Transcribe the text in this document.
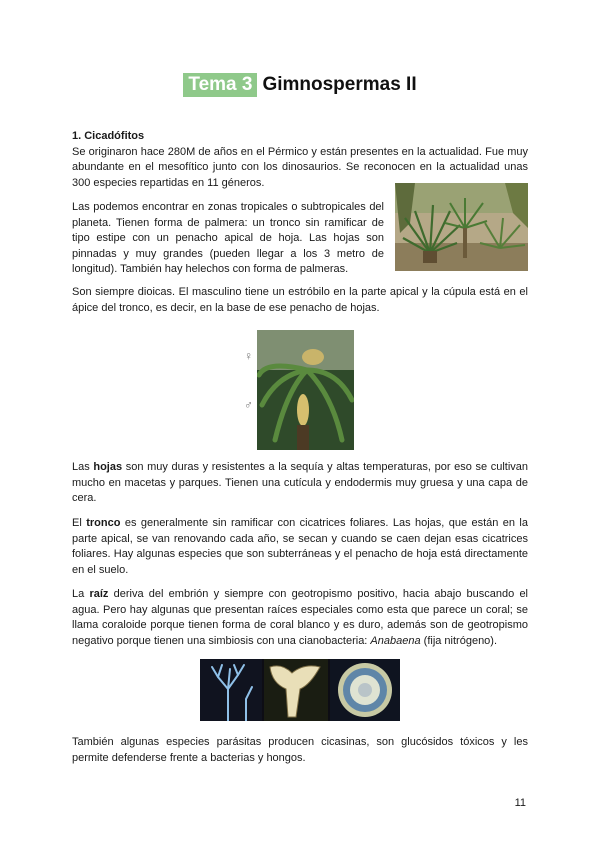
Tema 3 Gimnospermas II
1. Cicadófitos
Se originaron hace 280M de años en el Pérmico y están presentes en la actualidad. Fue muy abundante en el mesofítico junto con los dinosaurios. Se reconocen en la actualidad unas 300 especies repartidas en 11 géneros.
Las podemos encontrar en zonas tropicales o subtropicales del planeta. Tienen forma de palmera: un tronco sin ramificar de tipo estipe con un penacho apical de hoja. Las hojas son pinnadas y muy grandes (pueden llegar a los 3 metro de longitud). También hay helechos con forma de palmeras.
Son siempre dioicas. El masculino tiene un estróbilo en la parte apical y la cúpula está en el ápice del tronco, es decir, en la base de ese penacho de hojas.
♀
♂
Las hojas son muy duras y resistentes a la sequía y altas temperaturas, por eso se cultivan mucho en macetas y parques. Tienen una cutícula y endodermis muy gruesa y una capa de cera.
El tronco es generalmente sin ramificar con cicatrices foliares. Las hojas, que están en la parte apical, se van renovando cada año, se secan y cuando se caen dejan esas cicatrices foliares. Hay algunas especies que son subterráneas y el penacho de hoja está directamente en el suelo.
La raíz deriva del embrión y siempre con geotropismo positivo, hacia abajo buscando el agua. Pero hay algunas que presentan raíces especiales como esta que parece un coral; se llama coraloide porque tienen forma de coral blanco y es duro, además son de geotropismo negativo porque tienen una simbiosis con una cianobacteria: Anabaena (fija nitrógeno).
También algunas especies parásitas producen cicasinas, son glucósidos tóxicos y les permite defenderse frente a bacterias y hongos.
11
